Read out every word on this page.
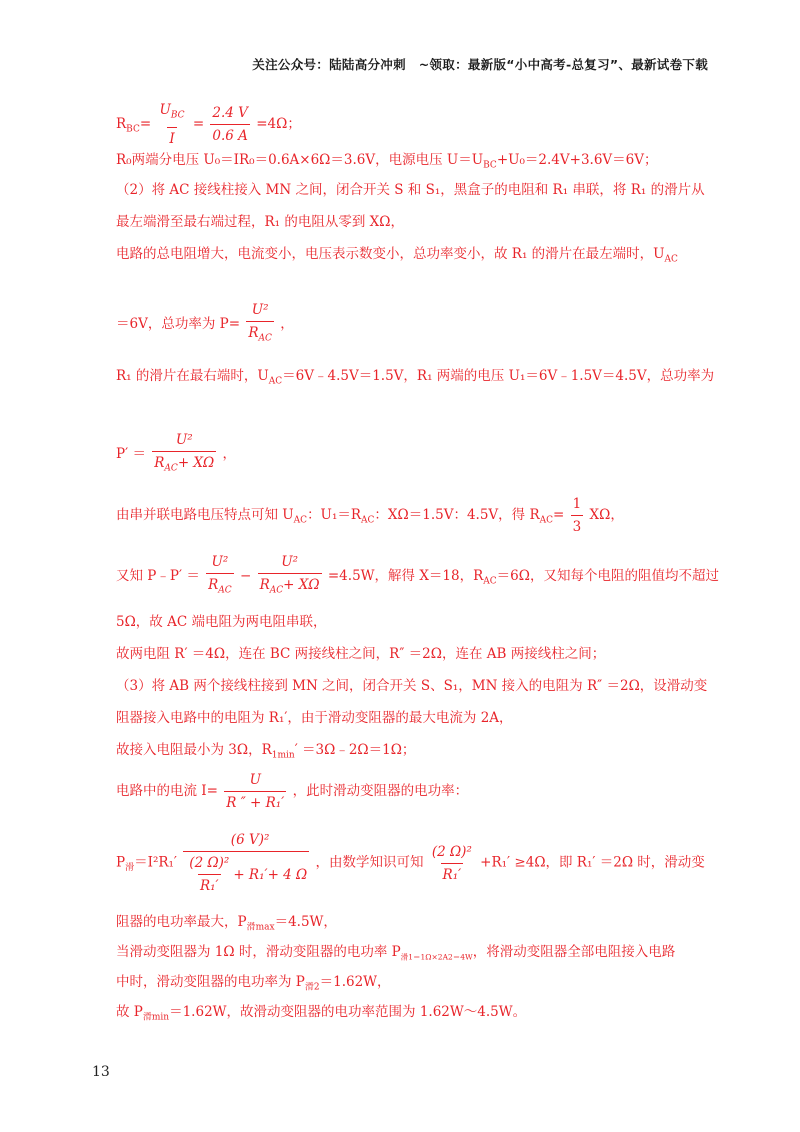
关注公众号：陆陆高分冲刺　~领取：最新版“小中高考-总复习”、最新试卷下载
$R_{BC}= \frac{U_{BC}}{I} = \frac{2.4 V}{0.6 A} =4\Omega$；
R₀两端分电压 U₀＝IR₀＝0.6A×6Ω＝3.6V，电源电压 $U=U_{BC}+U_0=2.4V+3.6V=6V$；
（2）将 AC 接线柱接入 MN 之间，闭合开关 S 和 S₁，黑盒子的电阻和 R₁ 串联，将 R₁ 的滑片从
最左端滑至最右端过程，R₁ 的电阻从零到 XΩ，
电路的总电阻增大，电流变小，电压表示数变小，总功率变小，故 R₁ 的滑片在最左端时，$U_{AC}$
＝6V，总功率为 $P= \frac{\text{U²}}{R_{AC}}$ ，
R₁ 的滑片在最右端时，$U_{AC}=6V﹣4.5V=1.5V$，R₁ 两端的电压 U₁＝6V﹣1.5V＝4.5V，总功率为
$P' = \frac{\text{U²}}{R_{AC}+ X\Omega}$ ，
由串并联电路电压特点可知 $U_{AC}$：$U_1=R_{AC}$：XΩ＝1.5V：4.5V，得 $R_{AC}= \frac{1}{3}$ XΩ，
又知 P﹣P′ ＝ $\frac{\text{U²}}{R_{AC}} - \frac{\text{U²}}{R_{AC}+ X\Omega} =4.5W$，解得 X＝18，$R_{AC}=6\Omega$，又知每个电阻的阻值均不超过
5Ω，故 AC 端电阻为两电阻串联，
故两电阻 R′ ＝4Ω，连在 BC 两接线柱之间，R″ ＝2Ω，连在 AB 两接线柱之间；
（3）将 AB 两个接线柱接到 MN 之间，闭合开关 S、S₁，MN 接入的电阻为 R″ ＝2Ω，设滑动变
阻器接入电路中的电阻为 R₁′，由于滑动变阻器的最大电流为 2A，
故接入电阻最小为 3Ω，$R_{1min}'$ ＝3Ω﹣2Ω＝1Ω；
电路中的电流 $I= \frac{U}{\text{R ″ + R₁′}}$ ，此时滑动变阻器的电功率：
$P_滑=I^2R_1' \frac{\text{(6 V)²}}{\frac{\text{(2 Ω)²}}{\text{R₁′}} + R_1'+ 4 \Omega}$ ，由数学知识可知 $\frac{\text{(2 Ω)²}}{\text{R₁′}} +R_1' \ge 4\Omega$，即 R₁′ ＝2Ω 时，滑动变
阻器的电功率最大，$P_{滑max}=4.5W$，
当滑动变阻器为 1Ω 时，滑动变阻器的电功率 $P_{滑1=1\Omega\times 2A2=4W}$，将滑动变阻器全部电阻接入电路
中时，滑动变阻器的电功率为 $P_{滑2}=1.62W$，
故 $P_{滑min}=1.62W$，故滑动变阻器的电功率范围为 1.62W～4.5W。
13
